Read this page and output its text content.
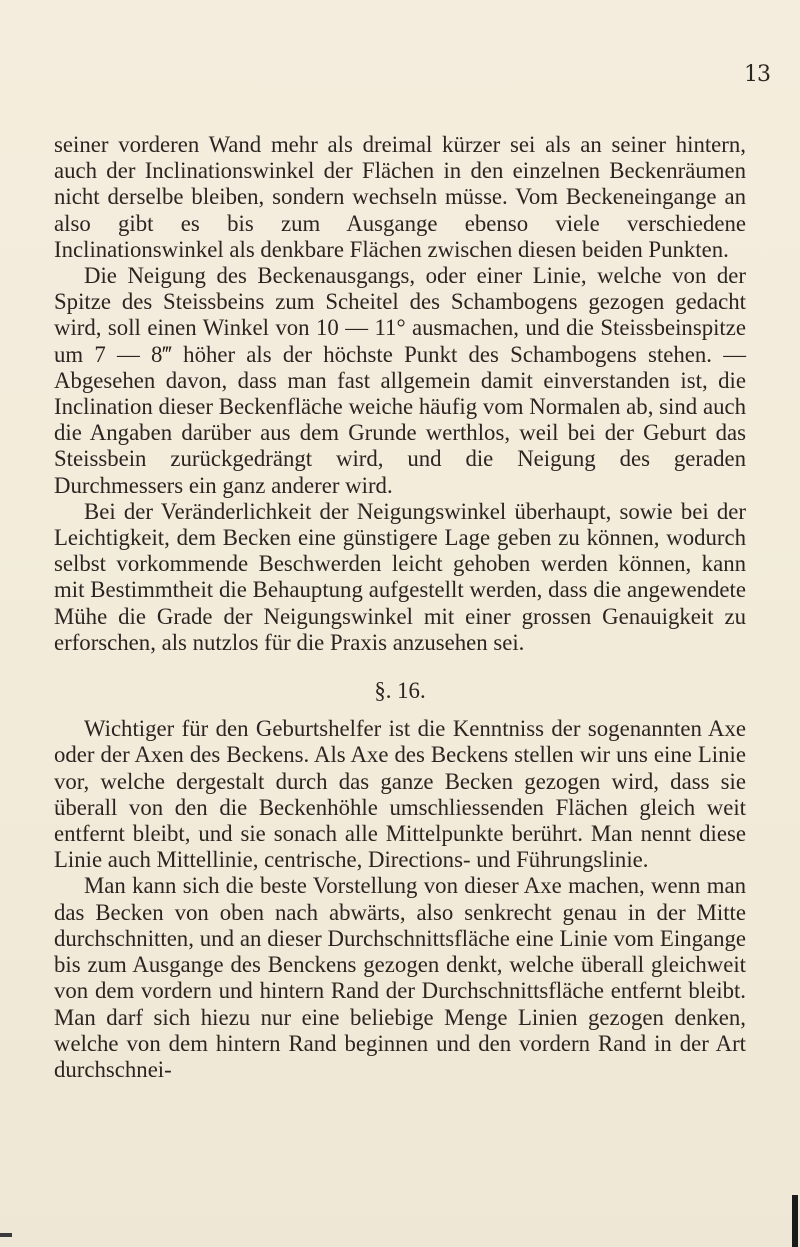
13

seiner vorderen Wand mehr als dreimal kürzer sei als an seiner hintern, auch der Inclinationswinkel der Flächen in den einzelnen Beckenräumen nicht derselbe bleiben, sondern wechseln müsse. Vom Beckeneingange an also gibt es bis zum Ausgange ebenso viele verschiedene Inclinationswinkel als denkbare Flächen zwischen diesen beiden Punkten.

Die Neigung des Beckenausgangs, oder einer Linie, welche von der Spitze des Steissbeins zum Scheitel des Schambogens gezogen gedacht wird, soll einen Winkel von 10 — 11° ausmachen, und die Steissbeinspitze um 7 — 8‴ höher als der höchste Punkt des Schambogens stehen. — Abgesehen davon, dass man fast allgemein damit einverstanden ist, die Inclination dieser Beckenfläche weiche häufig vom Normalen ab, sind auch die Angaben darüber aus dem Grunde werthlos, weil bei der Geburt das Steissbein zurückgedrängt wird, und die Neigung des geraden Durchmessers ein ganz anderer wird.

Bei der Veränderlichkeit der Neigungswinkel überhaupt, sowie bei der Leichtigkeit, dem Becken eine günstigere Lage geben zu können, wodurch selbst vorkommende Beschwerden leicht gehoben werden können, kann mit Bestimmtheit die Behauptung aufgestellt werden, dass die angewendete Mühe die Grade der Neigungswinkel mit einer grossen Genauigkeit zu erforschen, als nutzlos für die Praxis anzusehen sei.

§. 16.

Wichtiger für den Geburtshelfer ist die Kenntniss der sogenannten Axe oder der Axen des Beckens. Als Axe des Beckens stellen wir uns eine Linie vor, welche dergestalt durch das ganze Becken gezogen wird, dass sie überall von den die Beckenhöhle umschliessenden Flächen gleich weit entfernt bleibt, und sie sonach alle Mittelpunkte berührt. Man nennt diese Linie auch Mittellinie, centrische, Directions- und Führungslinie.

Man kann sich die beste Vorstellung von dieser Axe machen, wenn man das Becken von oben nach abwärts, also senkrecht genau in der Mitte durchschnitten, und an dieser Durchschnittsfläche eine Linie vom Eingange bis zum Ausgange des Benckens gezogen denkt, welche überall gleichweit von dem vordern und hintern Rand der Durchschnittsfläche entfernt bleibt. Man darf sich hiezu nur eine beliebige Menge Linien gezogen denken, welche von dem hintern Rand beginnen und den vordern Rand in der Art durchschnei-
